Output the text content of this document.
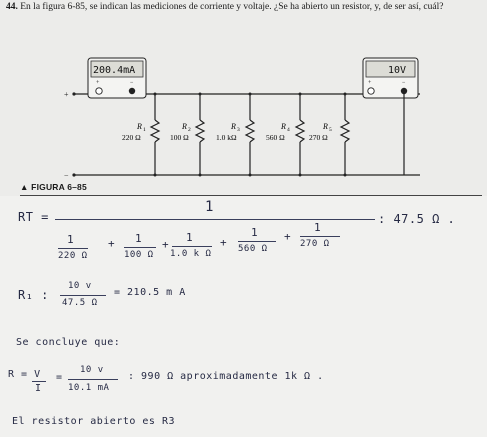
44. En la figura 6-85, se indican las mediciones de corriente y voltaje. ¿Se ha abierto un resistor, y, de ser así, cuál?
+
−
200.4mA
+	−
10V
+	−
R 1
220 Ω
R 2
100 Ω
R 3
1.0 kΩ
R 4
560 Ω
R 5
270 Ω
▲ FIGURA 6–85
RT =
1
: 47.5 Ω .
1
220 Ω
+ 1
100 Ω
+
1
1.0 k Ω
+
1
560 Ω
+
1
270 Ω
R₁ :
10 v
47.5 Ω
= 210.5 m A
Se concluye que:
R = V
I
=
10 v
10.1 mA
: 990 Ω aproximadamente 1k Ω .
El resistor abierto es R3
